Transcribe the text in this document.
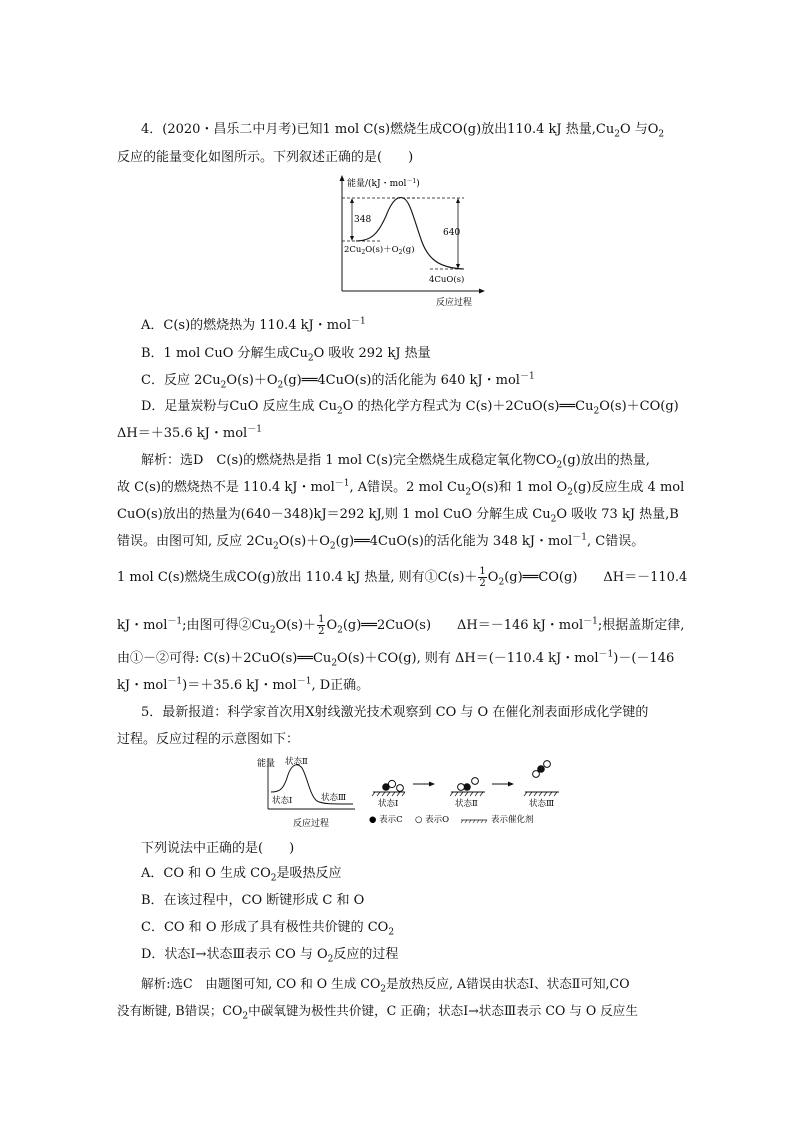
4．(2020・昌乐二中月考)已知1 mol C(s)燃烧生成CO(g)放出110.4 kJ 热量$,Cu_2O$ 与$O_2$
反应的能量变化如图所示。下列叙述正确的是(　　)
能量/(kJ・mol$^{-1}$)
348
640
$2Cu_2O(s)+O_2(g)$
4CuO(s)
反应过程
A．C(s)的燃烧热为 110.4 kJ・mol$^{-1}$
B．1 mol CuO 分解生成$Cu_2O$ 吸收 292 kJ 热量
C．反应 $2Cu_2O(s)+O_2(g)══4CuO(s)$的活化能为 640 kJ・mol$^{-1}$
D．足量炭粉与CuO 反应生成 $Cu_2O$ 的热化学方程式为 $C(s)+2CuO(s)══Cu_2O(s)+CO(g)$
ΔH＝＋35.6 kJ・mol$^{-1}$
解析：选D　C(s)的燃烧热是指 1 mol C(s)完全燃烧生成稳定氧化物$CO_2(g)$放出的热量,
故 C(s)的燃烧热不是 110.4 kJ・mol$^{-1}$, A错误。2 mol $Cu_2O(s)$和 1 mol $O_2(g)$反应生成 4 mol
CuO(s)放出的热量为(640－348)kJ＝292 kJ,则 1 mol CuO 分解生成 $Cu_2O$ 吸收 73 kJ 热量,B
错误。由图可知, 反应 $2Cu_2O(s)+O_2(g)══4CuO(s)$的活化能为 348 kJ・mol$^{-1}$, C错误。
1 mol C(s)燃烧生成CO(g)放出 110.4 kJ 热量, 则有①C(s)＋ $\frac{1}{2}$ $O_2(g)══CO(g)$　　ΔH＝－110.4
kJ・mol$^{-1}$;由图可得$②Cu_2O(s)+ \frac{1}{2}$ $O_2(g)══2CuO(s)$　　ΔH＝－146 kJ・mol$^{-1}$;根据盖斯定律,
由①－②可得: $C(s)+2CuO(s)══Cu_2O(s)+CO(g)$, 则有 ΔH＝(－110.4 kJ・mol$^{-1}$)－(－146
kJ・mol$^{-1}$)＝＋35.6 kJ・mol$^{-1}$, D正确。
5．最新报道：科学家首次用X射线激光技术观察到 CO 与 O 在催化剂表面形成化学键的
过程。反应过程的示意图如下：
能量 状态Ⅱ
状态Ⅰ	状态Ⅲ
反应过程
状态Ⅰ	状态Ⅱ	状态Ⅲ
● 表示C ○ 表示O	表示催化剂
下列说法中正确的是(　　)
A．CO 和 O 生成 $CO_2$是吸热反应
B．在该过程中，CO 断键形成 C 和 O
C．CO 和 O 形成了具有极性共价键的 $CO_2$
D．状态Ⅰ→状态Ⅲ表示 CO 与 $O_2$反应的过程
解析:选C　由题图可知, CO 和 O 生成 $CO_2$是放热反应, A错误由状态Ⅰ、状态Ⅱ可知,CO
没有断键, B错误；$CO_2$中碳氧键为极性共价键，C 正确；状态Ⅰ→状态Ⅲ表示 CO 与 O 反应生
